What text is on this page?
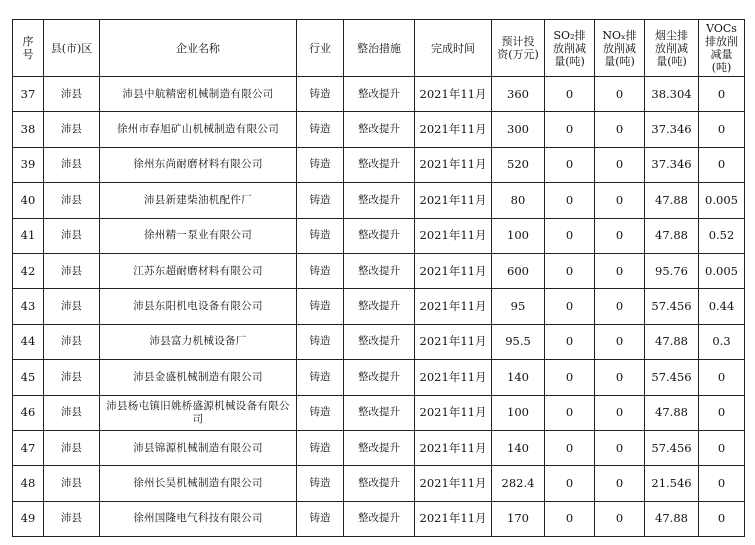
序号	县(市)区	企业名称	行业	整治措施	完成时间	预计投资(万元)	SO₂排放削减量(吨)	NOₓ排放削减量(吨)	烟尘排放削减量(吨)	VOCs排放削减量(吨)
37	沛县	沛县中航精密机械制造有限公司	铸造	整改提升	2021年11月	360	0	0	38.304	0
38	沛县	徐州市春旭矿山机械制造有限公司	铸造	整改提升	2021年11月	300	0	0	37.346	0
39	沛县	徐州东尚耐磨材料有限公司	铸造	整改提升	2021年11月	520	0	0	37.346	0
40	沛县	沛县新建柴油机配件厂	铸造	整改提升	2021年11月	80	0	0	47.88	0.005
41	沛县	徐州精一泵业有限公司	铸造	整改提升	2021年11月	100	0	0	47.88	0.52
42	沛县	江苏东超耐磨材料有限公司	铸造	整改提升	2021年11月	600	0	0	95.76	0.005
43	沛县	沛县东阳机电设备有限公司	铸造	整改提升	2021年11月	95	0	0	57.456	0.44
44	沛县	沛县富力机械设备厂	铸造	整改提升	2021年11月	95.5	0	0	47.88	0.3
45	沛县	沛县金盛机械制造有限公司	铸造	整改提升	2021年11月	140	0	0	57.456	0
46	沛县	沛县杨屯镇旧姚桥盛源机械设备有限公司	铸造	整改提升	2021年11月	100	0	0	47.88	0
47	沛县	沛县锦源机械制造有限公司	铸造	整改提升	2021年11月	140	0	0	57.456	0
48	沛县	徐州长昊机械制造有限公司	铸造	整改提升	2021年11月	282.4	0	0	21.546	0
49	沛县	徐州国隆电气科技有限公司	铸造	整改提升	2021年11月	170	0	0	47.88	0
